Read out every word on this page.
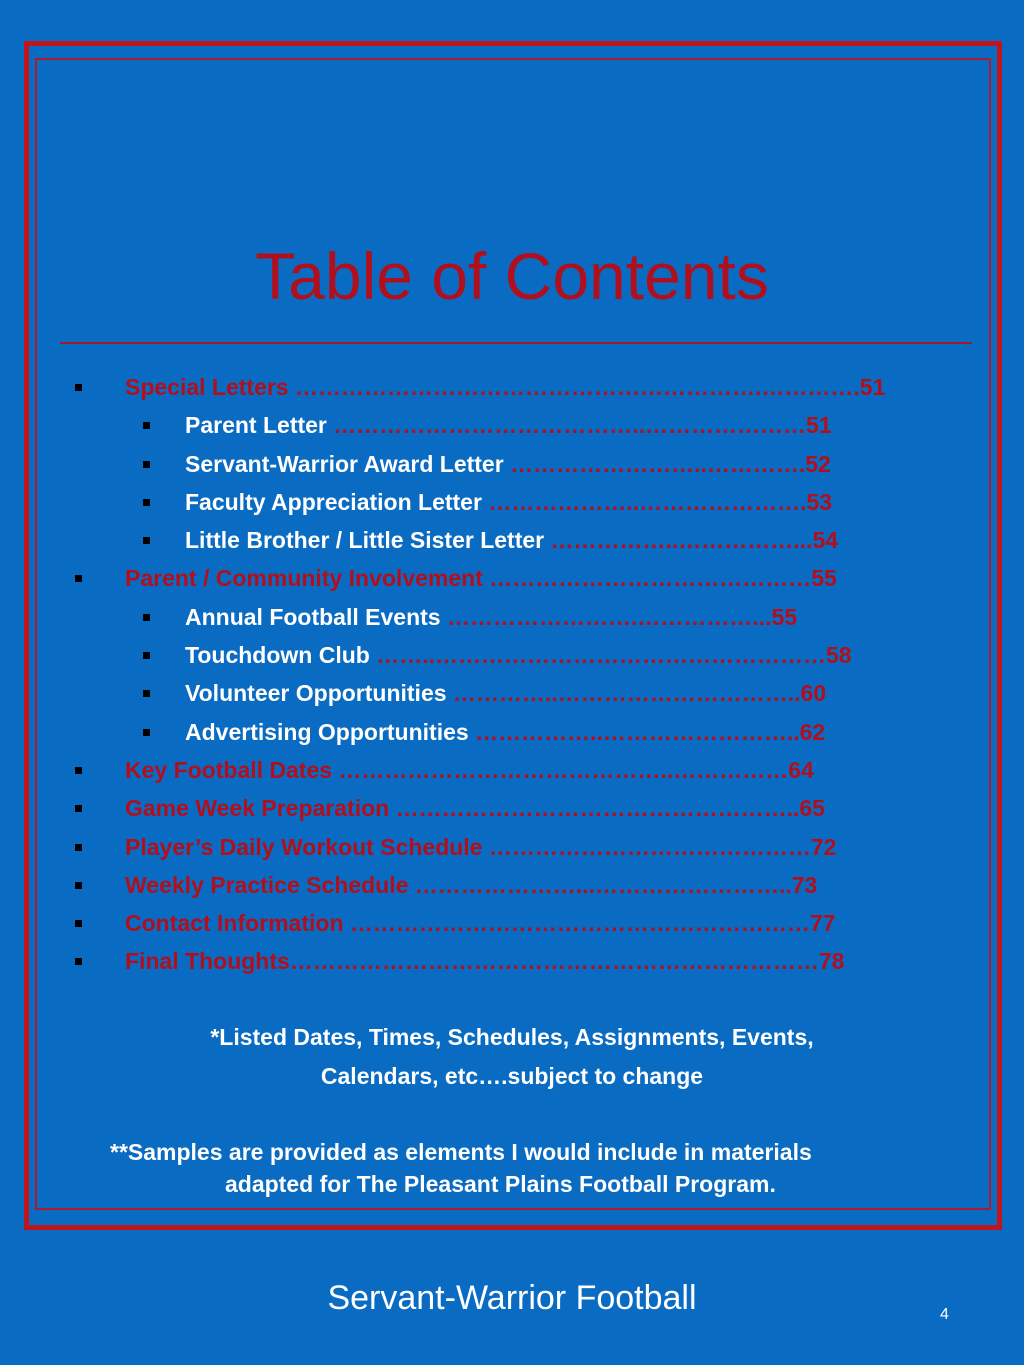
Table of Contents
Special Letters …………………………………………………….………….51
Parent Letter …………………………………..…………………51
Servant-Warrior Award Letter ……………………..………….52
Faculty Appreciation Letter ………………..………………….53
Little Brother / Little Sister Letter ……………..……………...54
Parent / Community Involvement ……………………………………55
Annual Football Events …………………….……………...55
Touchdown Club ……..……………………………………………58
Volunteer Opportunities …………..…………………………..60
Advertising Opportunities ……………..……………………..62
Key Football Dates ……………………………………..……………64
Game Week Preparation ……………………………………………..65
Player’s Daily Workout Schedule ……………………………………72
Weekly Practice Schedule …………………...……………………..73
Contact Information ……………………………………………………77
Final Thoughts……………………………………………………………78
*Listed Dates, Times, Schedules, Assignments, Events,
Calendars, etc….subject to change
**Samples are provided as elements I would include in materials
adapted for The Pleasant Plains Football Program.
Servant-Warrior Football	4
